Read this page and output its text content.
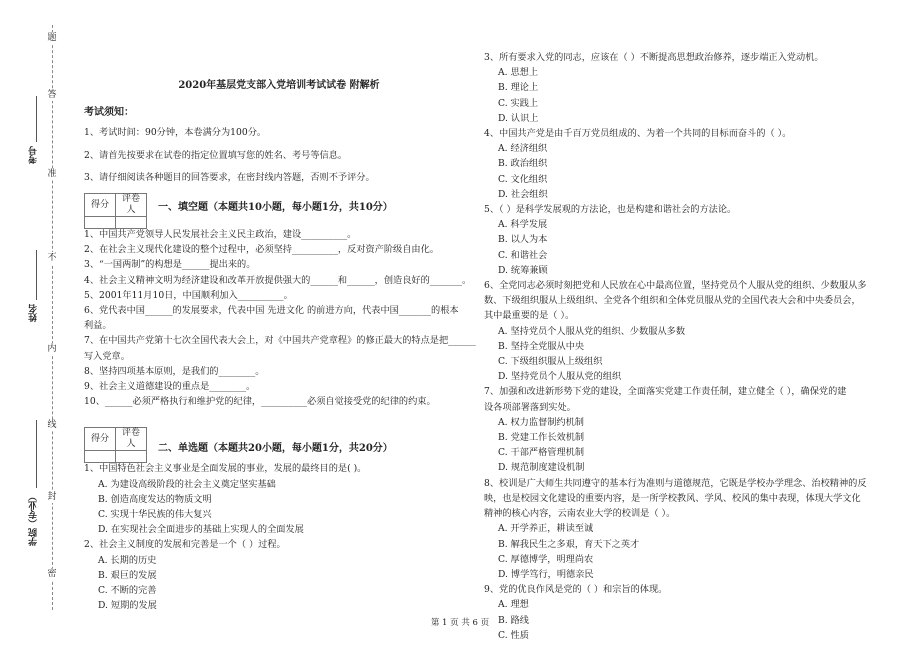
题
答
准
不
内
线
封
密
考号
姓名
学院（专业）
2020年基层党支部入党培训考试试卷 附解析
考试须知：
1、考试时间：90分钟，本卷满分为100分。
2、请首先按要求在试卷的指定位置填写您的姓名、考号等信息。
3、请仔细阅读各种题目的回答要求，在密封线内答题，否则不予评分。
得分	评卷人
	一、填空题（本题共10小题，每小题1分，共10分）
1、中国共产党领导人民发展社会主义民主政治，建设__________。
2、在社会主义现代化建设的整个过程中，必须坚持__________，反对资产阶级自由化。
3、“一国两制”的构想是______提出来的。
4、社会主义精神文明为经济建设和改革开放提供强大的______和______，创造良好的_______。
5、2001年11月10日，中国顺利加入__________。
6、党代表中国______的发展要求，代表中国 先进文化 的前进方向，代表中国_______的根本
利益。
7、在中国共产党第十七次全国代表大会上，对《中国共产党章程》的修正最大的特点是把______
写入党章。
8、坚持四项基本原则，是我们的________。
9、社会主义道德建设的重点是________。
10、______必须严格执行和维护党的纪律，__________必须自觉接受党的纪律的约束。
得分	评卷人
	二、单选题（本题共20小题，每小题1分，共20分）
1、中国特色社会主义事业是全面发展的事业，发展的最终目的是( )。
A. 为建设高级阶段的社会主义奠定坚实基础
B. 创造高度发达的物质文明
C. 实现十华民族的伟大复兴
D. 在实现社会全面进步的基础上实现人的全面发展
2、社会主义制度的发展和完善是一个（ ）过程。
A. 长期的历史
B. 艰巨的发展
C. 不断的完善
D. 短期的发展
3、所有要求入党的同志，应该在（ ）不断提高思想政治修养，逐步端正入党动机。
A. 思想上
B. 理论上
C. 实践上
D. 认识上
4、中国共产党是由千百万党员组成的、为着一个共同的目标而奋斗的（ ）。
A. 经济组织
B. 政治组织
C. 文化组织
D. 社会组织
5、（ ）是科学发展观的方法论，也是构建和谐社会的方法论。
A. 科学发展
B. 以人为本
C. 和谐社会
D. 统筹兼顾
6、全党同志必须时刻把党和人民放在心中最高位置，坚持党员个人服从党的组织、少数服从多
数、下级组织服从上级组织、全党各个组织和全体党员服从党的全国代表大会和中央委员会，
其中最重要的是（ ）。
A. 坚持党员个人服从党的组织、少数服从多数
B. 坚持全党服从中央
C. 下级组织服从上级组织
D. 坚持党员个人服从党的组织
7、加强和改进新形势下党的建设，全面落实党建工作责任制，建立健全（ ），确保党的建
设各项部署落到实处。
A. 权力监督制约机制
B. 党建工作长效机制
C. 干部严格管理机制
D. 规范制度建设机制
8、校训是广大师生共同遵守的基本行为准则与道德规范，它既是学校办学理念、治校精神的反
映，也是校园文化建设的重要内容，是一所学校教风、学风、校风的集中表现，体现大学文化
精神的核心内容，云南农业大学的校训是（ ）。
A. 开学养正，耕读至诚
B. 解我民生之多艰，育天下之英才
C. 厚德博学，明理尚农
D. 博学笃行，明德亲民
9、党的优良作风是党的（ ）和宗旨的体现。
A. 理想
B. 路线
C. 性质
第 1 页 共 6 页
